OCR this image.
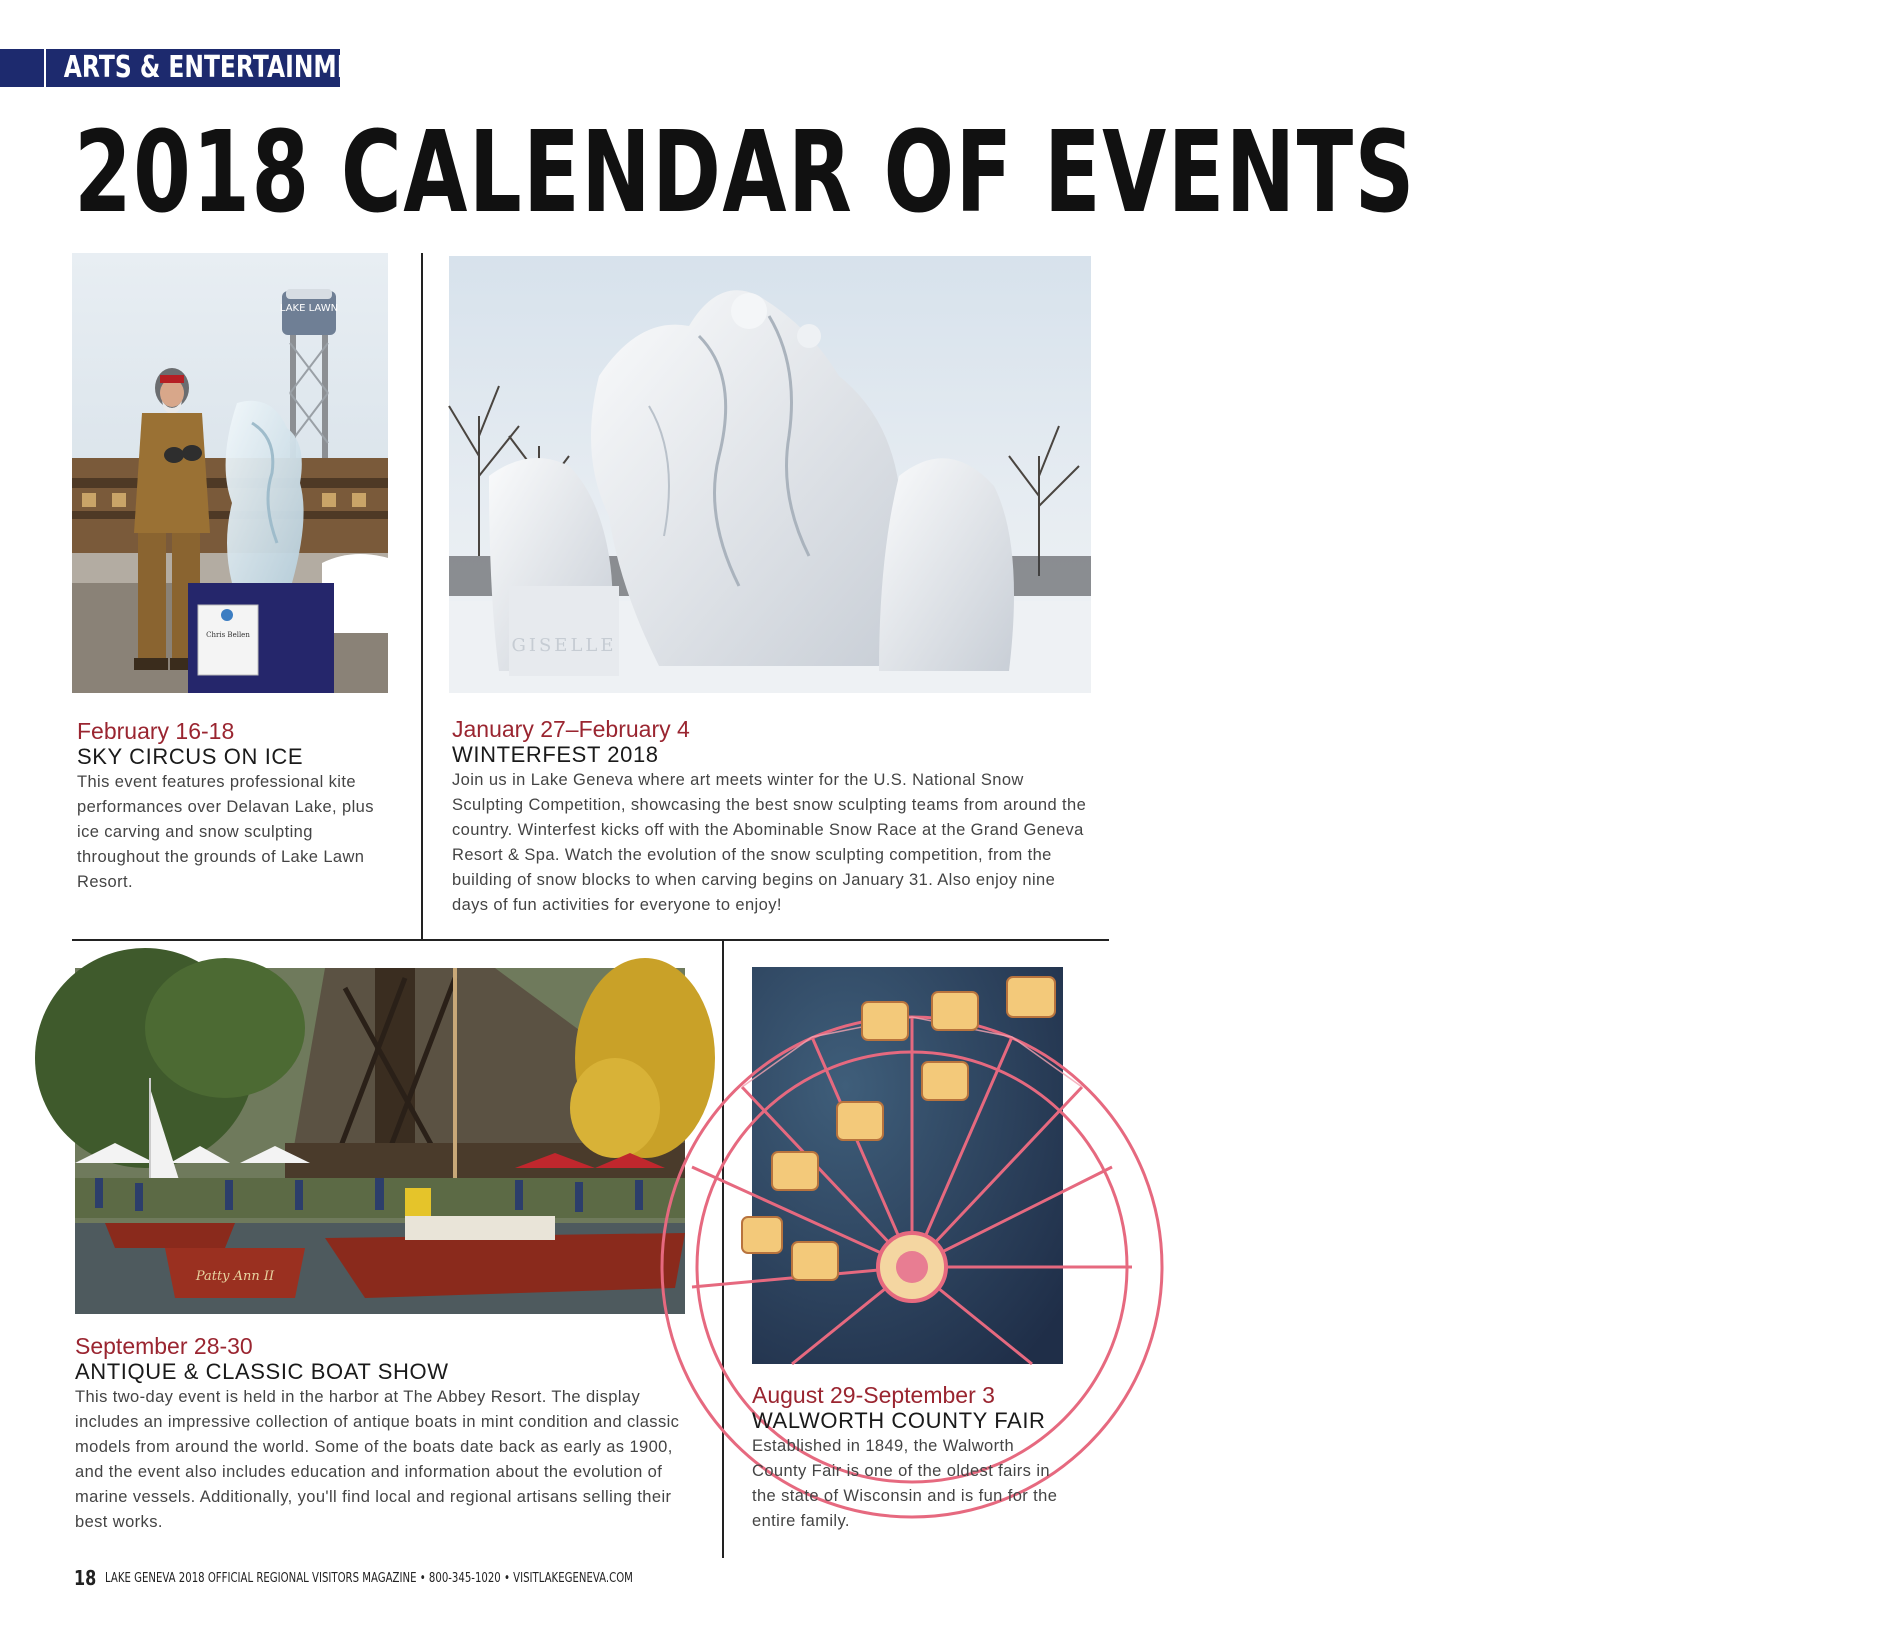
ARTS & ENTERTAINMENT
2018 CALENDAR OF EVENTS
LAKE LAWN
Chris Bellen	GISELLE
February 16-18
SKY CIRCUS ON ICE
This event features professional kite performances over Delavan Lake, plus ice carving and snow sculpting throughout the grounds of Lake Lawn Resort.
January 27–February 4
WINTERFEST 2018
Join us in Lake Geneva where art meets winter for the U.S. National Snow Sculpting Competition, showcasing the best snow sculpting teams from around the country. Winterfest kicks off with the Abominable Snow Race at the Grand Geneva Resort & Spa. Watch the evolution of the snow sculpting competition, from the building of snow blocks to when carving begins on January 31. Also enjoy nine days of fun activities for everyone to enjoy!
Patty Ann II
September 28-30
ANTIQUE & CLASSIC BOAT SHOW
This two-day event is held in the harbor at The Abbey Resort. The display includes an impressive collection of antique boats in mint condition and classic models from around the world. Some of the boats date back as early as 1900, and the event also includes education and information about the evolution of marine vessels. Additionally, you'll find local and regional artisans selling their best works.
August 29-September 3
WALWORTH COUNTY FAIR
Established in 1849, the Walworth County Fair is one of the oldest fairs in the state of Wisconsin and is fun for the entire family.
18 LAKE GENEVA 2018 OFFICIAL REGIONAL VISITORS MAGAZINE • 800-345-1020 • VISITLAKEGENEVA.COM
